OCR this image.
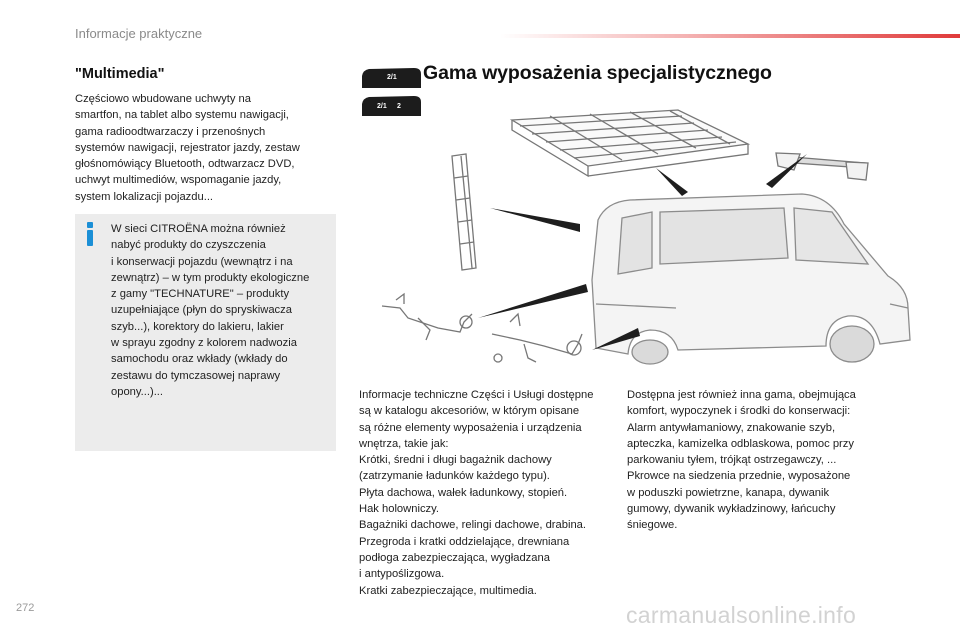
Informacje praktyczne
"Multimedia"

Częściowo wbudowane uchwyty na
smartfon, na tablet albo systemu nawigacji,
gama radioodtwarzaczy i przenośnych
systemów nawigacji, rejestrator jazdy, zestaw
głośnomówiący Bluetooth, odtwarzacz DVD,
uchwyt multimediów, wspomaganie jazdy,
system lokalizacji pojazdu...

W sieci CITROËNA można również
nabyć produkty do czyszczenia
i konserwacji pojazdu (wewnątrz i na
zewnątrz) – w tym produkty ekologiczne
z gamy "TECHNATURE" – produkty
uzupełniające (płyn do spryskiwacza
szyb...), korektory do lakieru, lakier
w sprayu zgodny z kolorem nadwozia
samochodu oraz wkłady (wkłady do
zestawu do tymczasowej naprawy
opony...)...

2/1
2/1 2
Gama wyposażenia specjalistycznego

Informacje techniczne Części i Usługi dostępne
są w katalogu akcesoriów, w którym opisane
są różne elementy wyposażenia i urządzenia
wnętrza, takie jak:
Krótki, średni i długi bagażnik dachowy
(zatrzymanie ładunków każdego typu).
Płyta dachowa, wałek ładunkowy, stopień.
Hak holowniczy.
Bagażniki dachowe, relingi dachowe, drabina.
Przegroda i kratki oddzielające, drewniana
podłoga zabezpieczająca, wygładzana
i antypoślizgowa.
Kratki zabezpieczające, multimedia.

Dostępna jest również inna gama, obejmująca
komfort, wypoczynek i środki do konserwacji:
Alarm antywłamaniowy, znakowanie szyb,
apteczka, kamizelka odblaskowa, pomoc przy
parkowaniu tyłem, trójkąt ostrzegawczy, ...
Pkrowce na siedzenia przednie, wyposażone
w poduszki powietrzne, kanapa, dywanik
gumowy, dywanik wykładzinowy, łańcuchy
śniegowe.

272	carmanualsonline.info
